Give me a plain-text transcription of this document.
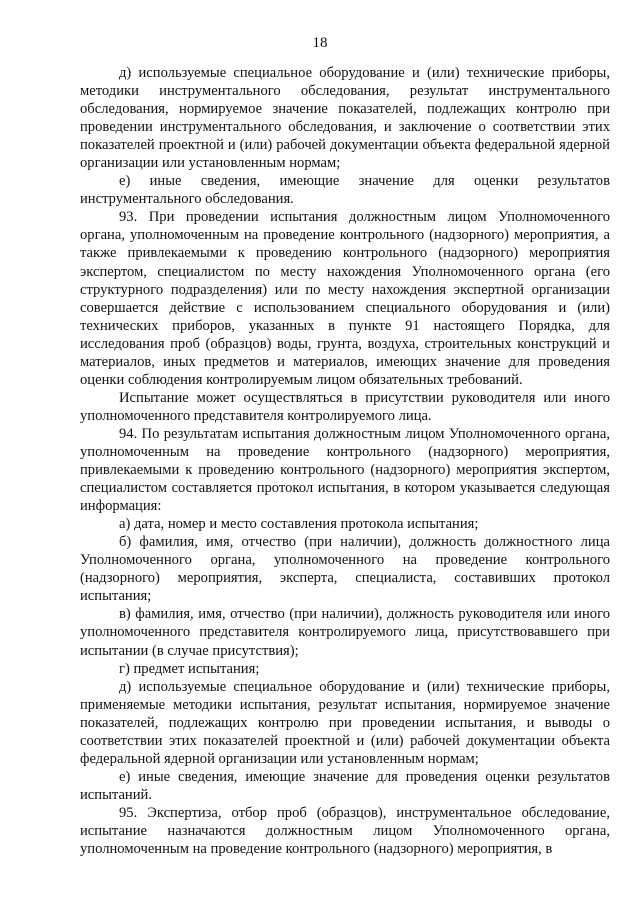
18

д) используемые специальное оборудование и (или) технические приборы, методики инструментального обследования, результат инструментального обследования, нормируемое значение показателей, подлежащих контролю при проведении инструментального обследования, и заключение о соответствии этих показателей проектной и (или) рабочей документации объекта федеральной ядерной организации или установленным нормам;

е) иные сведения, имеющие значение для оценки результатов инструментального обследования.

93. При проведении испытания должностным лицом Уполномоченного органа, уполномоченным на проведение контрольного (надзорного) мероприятия, а также привлекаемыми к проведению контрольного (надзорного) мероприятия экспертом, специалистом по месту нахождения Уполномоченного органа (его структурного подразделения) или по месту нахождения экспертной организации совершается действие с использованием специального оборудования и (или) технических приборов, указанных в пункте 91 настоящего Порядка, для исследования проб (образцов) воды, грунта, воздуха, строительных конструкций и материалов, иных предметов и материалов, имеющих значение для проведения оценки соблюдения контролируемым лицом обязательных требований.

Испытание может осуществляться в присутствии руководителя или иного уполномоченного представителя контролируемого лица.

94. По результатам испытания должностным лицом Уполномоченного органа, уполномоченным на проведение контрольного (надзорного) мероприятия, привлекаемыми к проведению контрольного (надзорного) мероприятия экспертом, специалистом составляется протокол испытания, в котором указывается следующая информация:

а) дата, номер и место составления протокола испытания;

б) фамилия, имя, отчество (при наличии), должность должностного лица Уполномоченного органа, уполномоченного на проведение контрольного (надзорного) мероприятия, эксперта, специалиста, составивших протокол испытания;

в) фамилия, имя, отчество (при наличии), должность руководителя или иного уполномоченного представителя контролируемого лица, присутствовавшего при испытании (в случае присутствия);

г) предмет испытания;

д) используемые специальное оборудование и (или) технические приборы, применяемые методики испытания, результат испытания, нормируемое значение показателей, подлежащих контролю при проведении испытания, и выводы о соответствии этих показателей проектной и (или) рабочей документации объекта федеральной ядерной организации или установленным нормам;

е) иные сведения, имеющие значение для проведения оценки результатов испытаний.

95. Экспертиза, отбор проб (образцов), инструментальное обследование, испытание назначаются должностным лицом Уполномоченного органа, уполномоченным на проведение контрольного (надзорного) мероприятия, в
